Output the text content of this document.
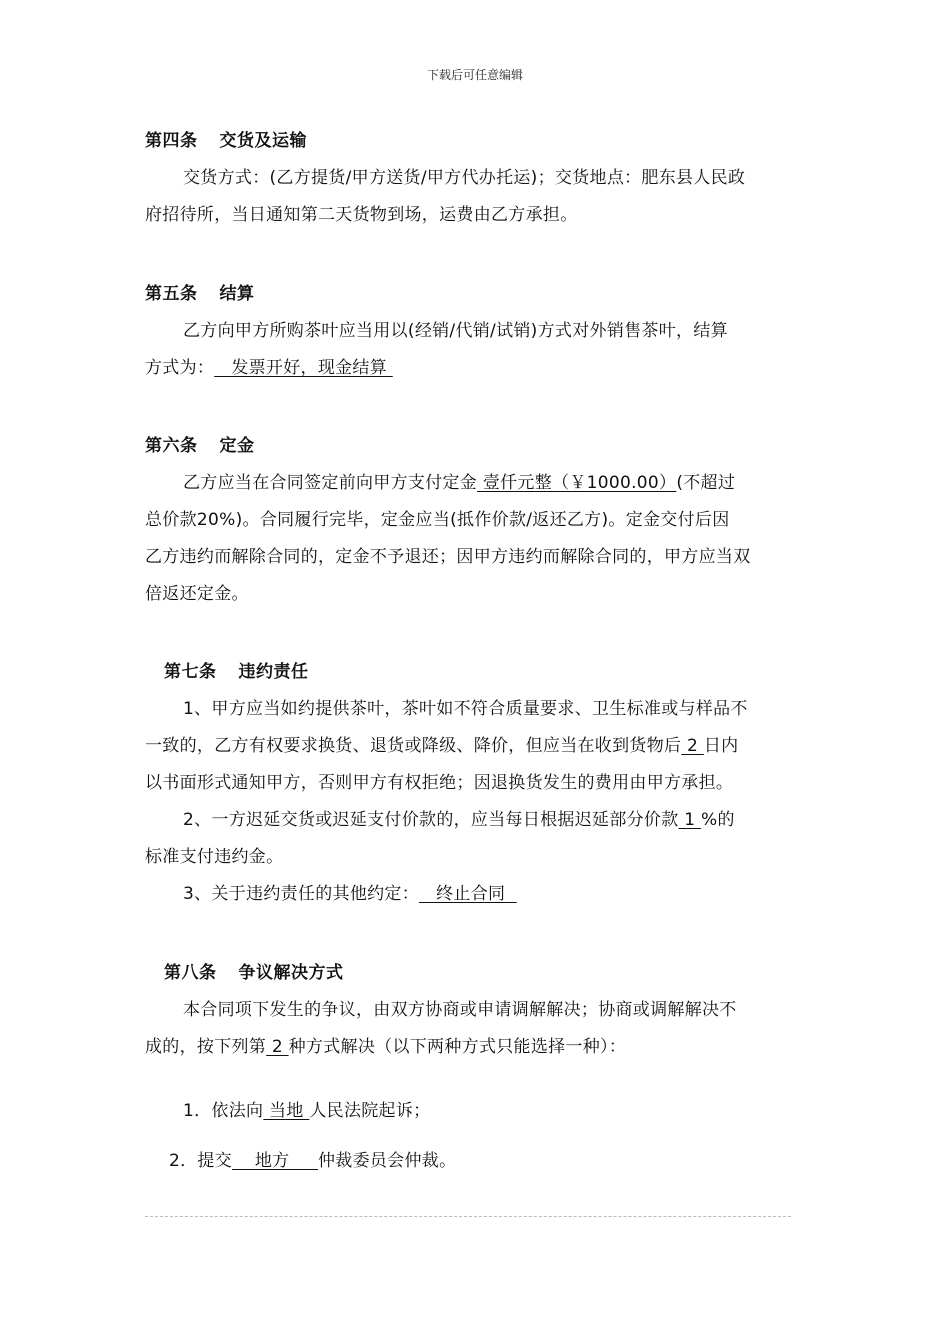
下载后可任意编辑
第四条 交货及运输
交货方式：(乙方提货/甲方送货/甲方代办托运)；交货地点：肥东县人民政
府招待所，当日通知第二天货物到场，运费由乙方承担。
第五条 结算
乙方向甲方所购茶叶应当用以(经销/代销/试销)方式对外销售茶叶，结算
方式为：   发票开好，现金结算
第六条 定金
乙方应当在合同签定前向甲方支付定金 壹仟元整（￥1000.00）(不超过
总价款20%)。合同履行完毕，定金应当(抵作价款/返还乙方)。定金交付后因
乙方违约而解除合同的，定金不予退还；因甲方违约而解除合同的，甲方应当双
倍返还定金。
第七条 违约责任
1、甲方应当如约提供茶叶，茶叶如不符合质量要求、卫生标准或与样品不
一致的，乙方有权要求换货、退货或降级、降价，但应当在收到货物后 2 日内
以书面形式通知甲方，否则甲方有权拒绝；因退换货发生的费用由甲方承担。
2、一方迟延交货或迟延支付价款的，应当每日根据迟延部分价款 1 %的
标准支付违约金。
3、关于违约责任的其他约定：   终止合同
第八条 争议解决方式
本合同项下发生的争议，由双方协商或申请调解解决；协商或调解解决不
成的，按下列第 2 种方式解决（以下两种方式只能选择一种）：
1．依法向 当地 人民法院起诉；
2．提交    地方     仲裁委员会仲裁。
